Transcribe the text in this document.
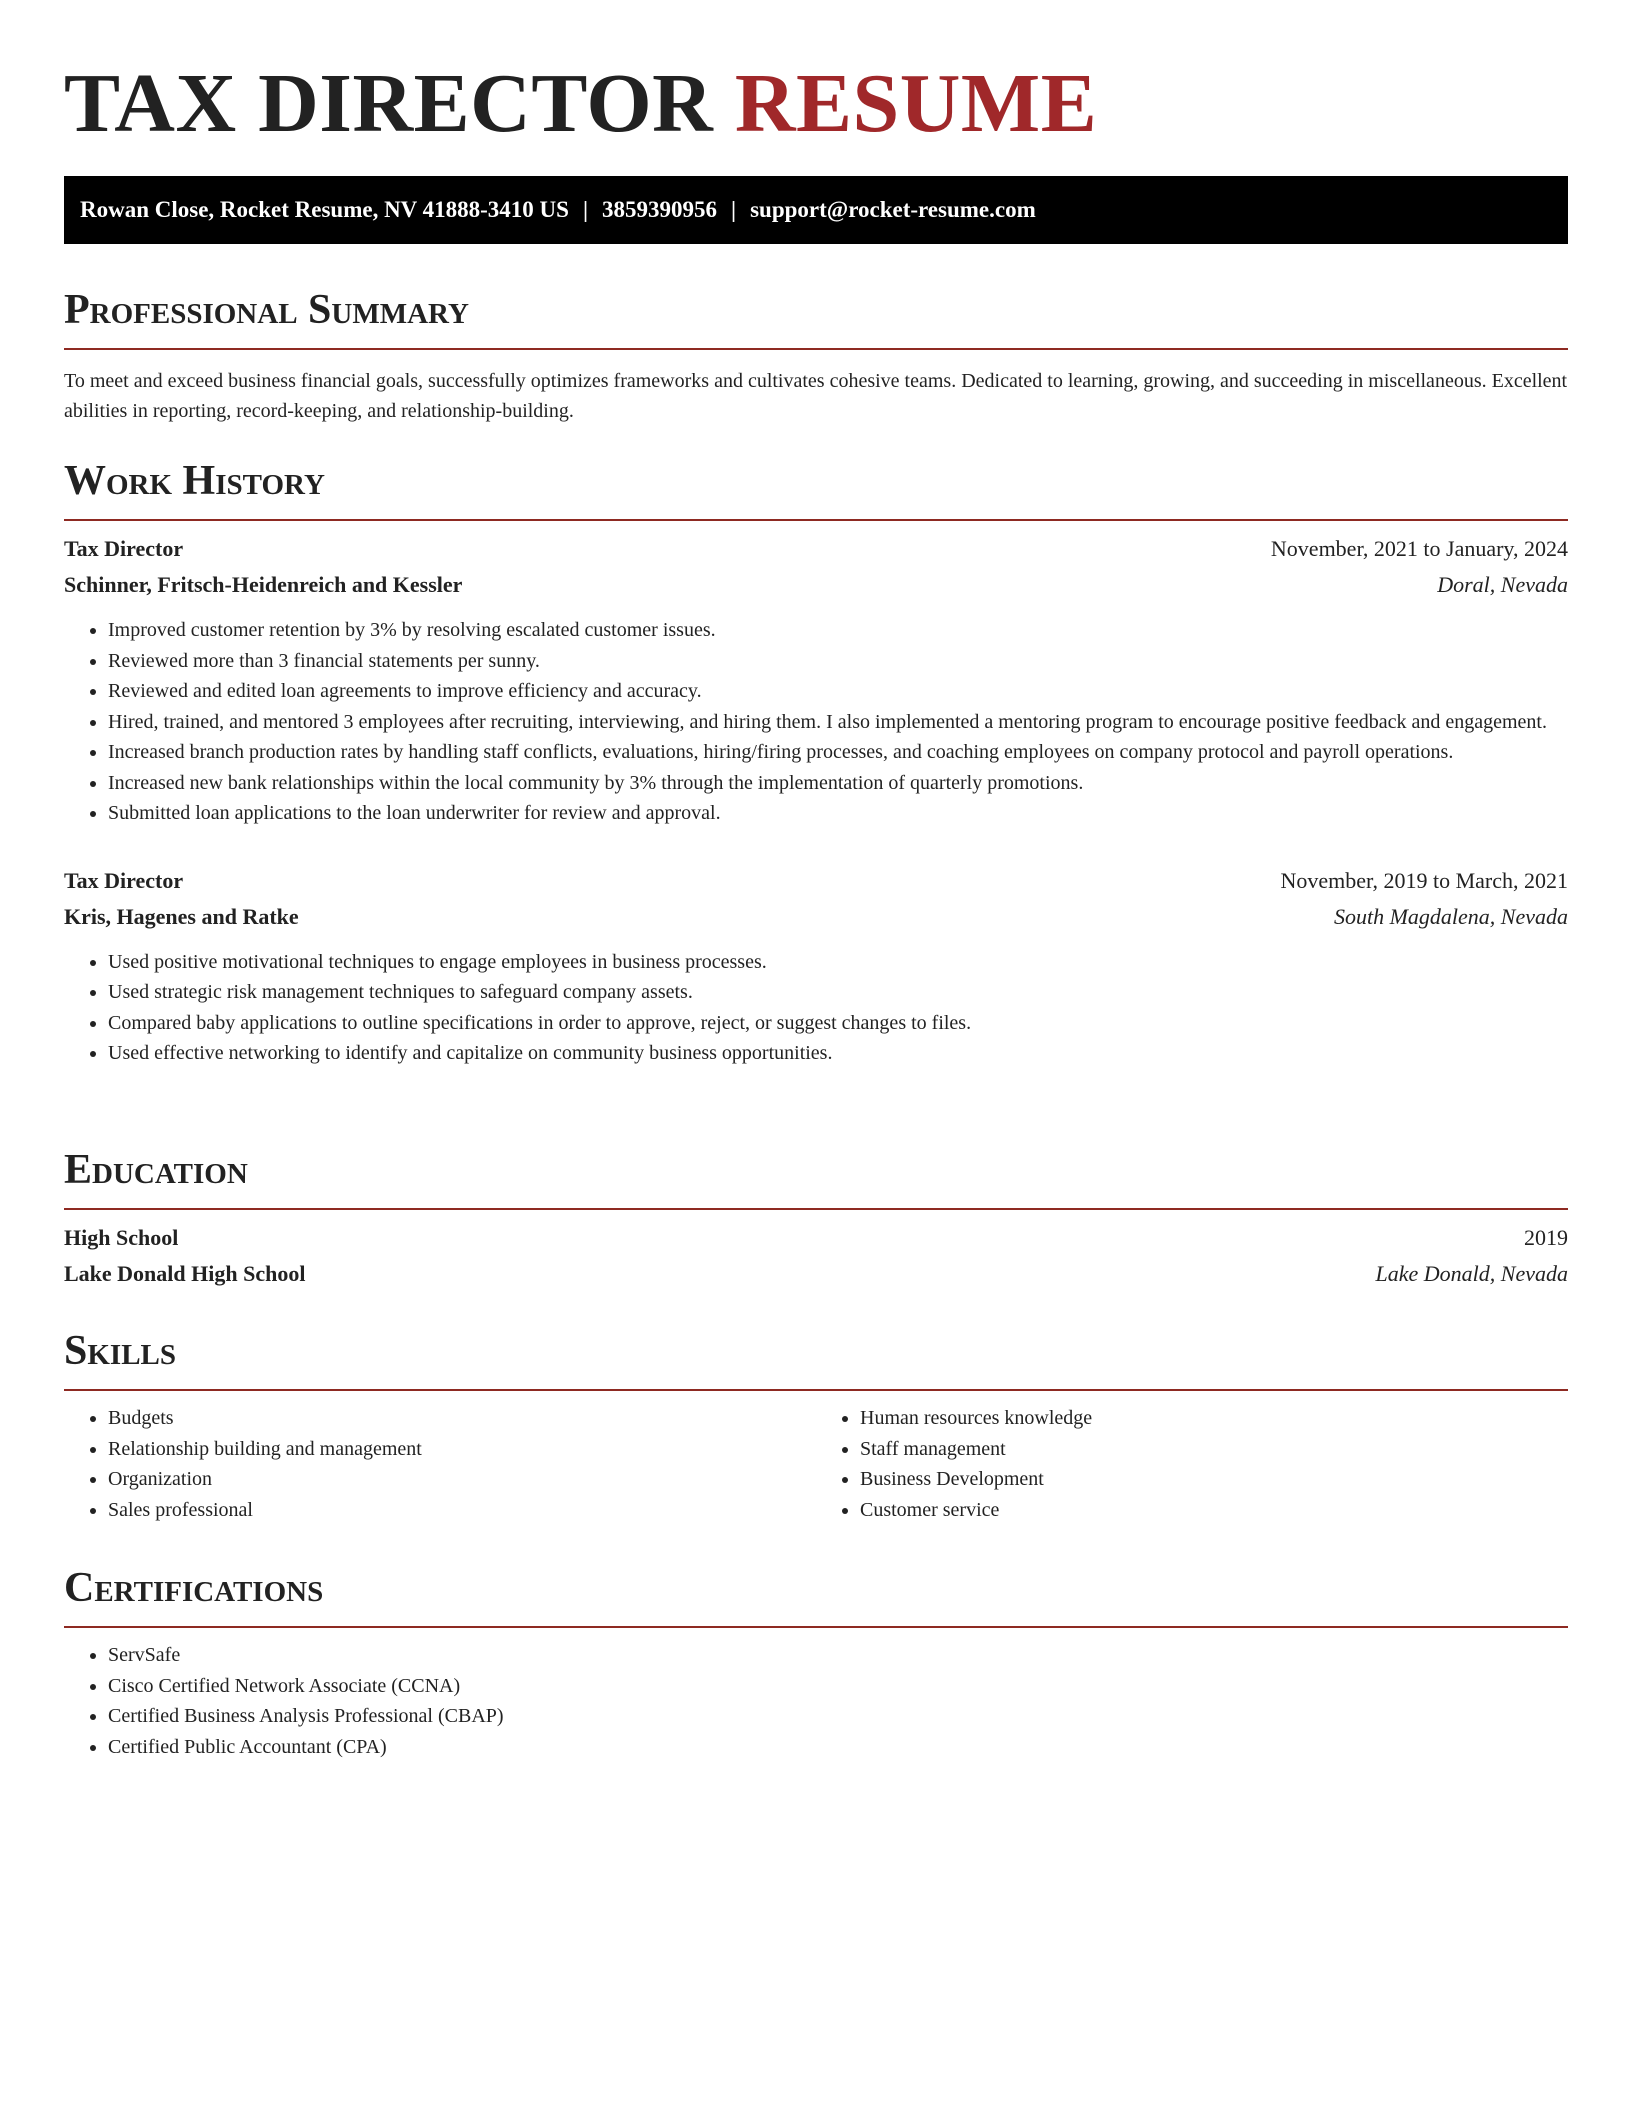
TAX DIRECTOR RESUME
Rowan Close, Rocket Resume, NV 41888-3410 US | 3859390956 | support@rocket-resume.com
Professional Summary

To meet and exceed business financial goals, successfully optimizes frameworks and cultivates cohesive teams. Dedicated to learning, growing, and succeeding in miscellaneous. Excellent abilities in reporting, record-keeping, and relationship-building.

Work History
Tax Director	November, 2021 to January, 2024
Schinner, Fritsch-Heidenreich and Kessler	Doral, Nevada
• Improved customer retention by 3% by resolving escalated customer issues.
• Reviewed more than 3 financial statements per sunny.
• Reviewed and edited loan agreements to improve efficiency and accuracy.
• Hired, trained, and mentored 3 employees after recruiting, interviewing, and hiring them. I also implemented a mentoring program to encourage positive feedback and engagement.
• Increased branch production rates by handling staff conflicts, evaluations, hiring/firing processes, and coaching employees on company protocol and payroll operations.
• Increased new bank relationships within the local community by 3% through the implementation of quarterly promotions.
• Submitted loan applications to the loan underwriter for review and approval.
Tax Director	November, 2019 to March, 2021
Kris, Hagenes and Ratke	South Magdalena, Nevada
• Used positive motivational techniques to engage employees in business processes.
• Used strategic risk management techniques to safeguard company assets.
• Compared baby applications to outline specifications in order to approve, reject, or suggest changes to files.
• Used effective networking to identify and capitalize on community business opportunities.
Education
High School	2019
Lake Donald High School	Lake Donald, Nevada
Skills
• Budgets
• Relationship building and management
• Organization
• Sales professional
• Human resources knowledge
• Staff management
• Business Development
• Customer service
Certifications
• ServSafe
• Cisco Certified Network Associate (CCNA)
• Certified Business Analysis Professional (CBAP)
• Certified Public Accountant (CPA)
